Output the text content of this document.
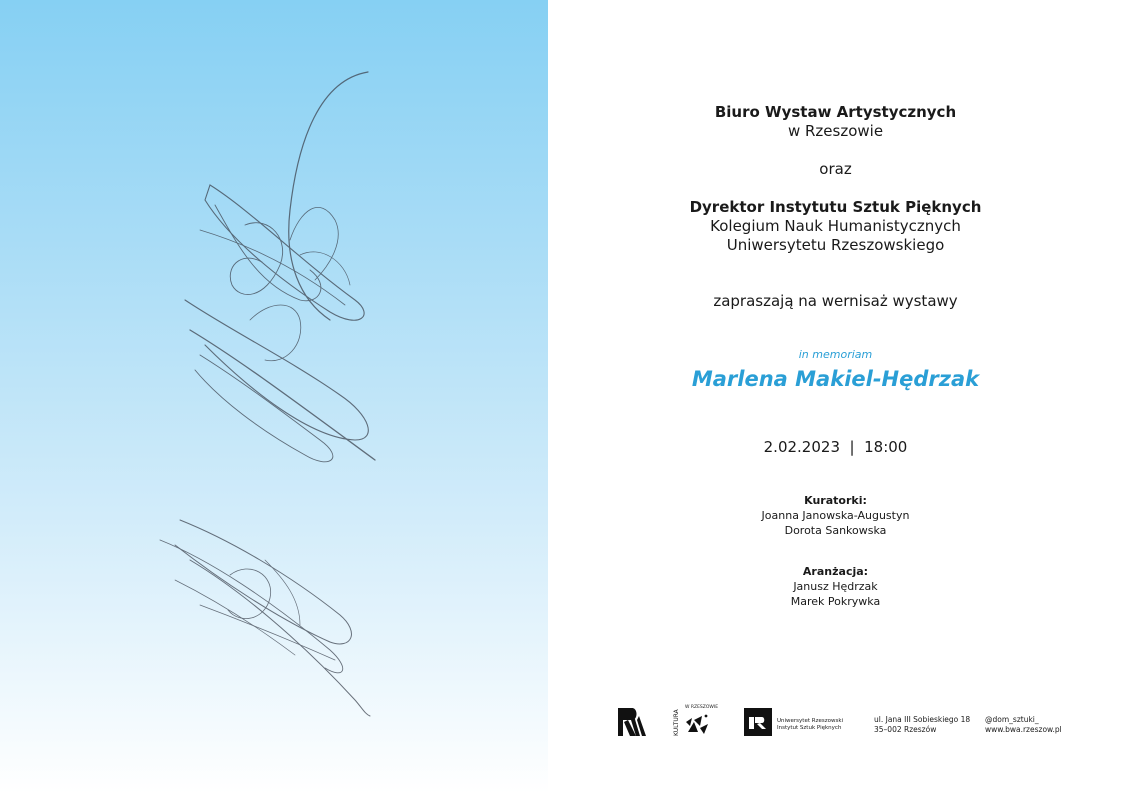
Biuro Wystaw Artystycznych
w Rzeszowie
oraz
Dyrektor Instytutu Sztuk Pięknych
Kolegium Nauk Humanistycznych
Uniwersytetu Rzeszowskiego
zapraszają na wernisaż wystawy
in memoriam
Marlena Makiel-Hędrzak
2.02.2023  |  18:00
Kuratorki:
Joanna Janowska-Augustyn
Dorota Sankowska
Aranżacja:
Janusz Hędrzak
Marek Pokrywka
KULTURA
W RZESZOWIE
Uniwersytet Rzeszowski
Instytut Sztuk Pięknych
ul. Jana III Sobieskiego 18
35–002 Rzeszów
@dom_sztuki_
www.bwa.rzeszow.pl
